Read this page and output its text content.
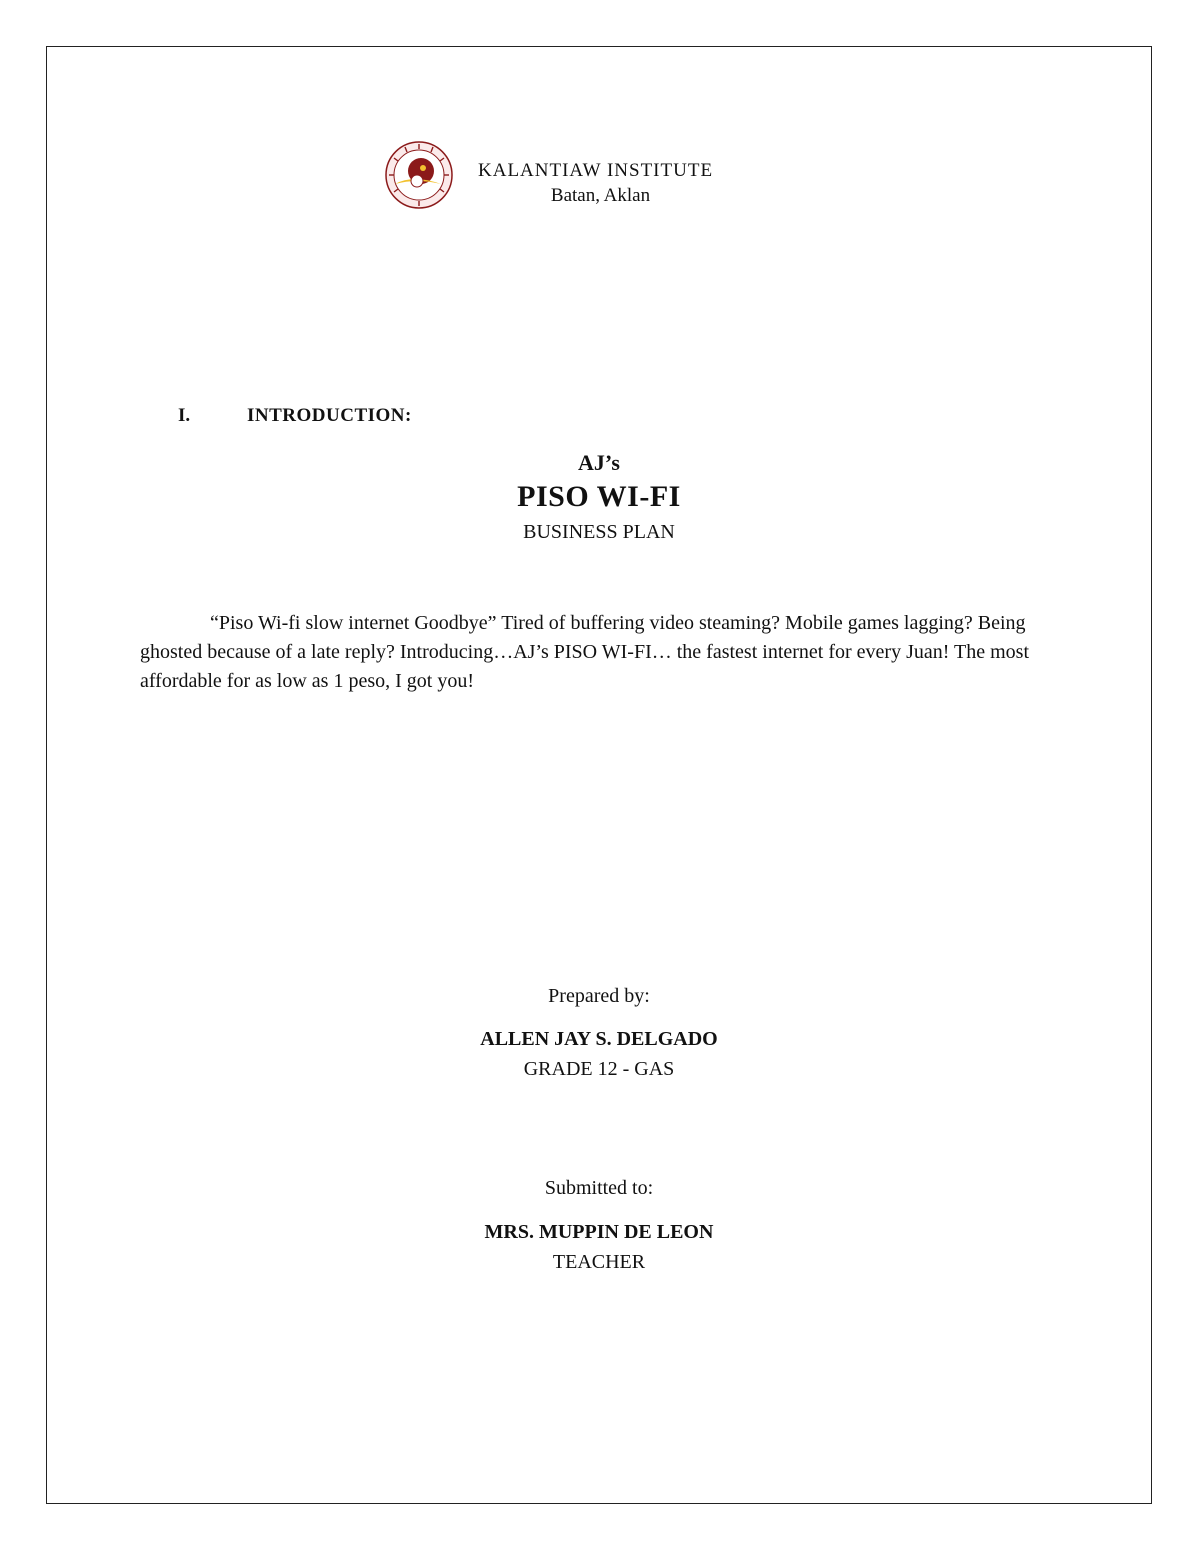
KALANTIAW INSTITUTE
Batan, Aklan
I.	INTRODUCTION:
AJ’s
PISO WI-FI
BUSINESS PLAN

“Piso Wi-fi slow internet Goodbye” Tired of buffering video steaming? Mobile games lagging? Being ghosted because of a late reply? Introducing…AJ’s PISO WI-FI… the fastest internet for every Juan! The most affordable for as low as 1 peso, I got you!

Prepared by:
ALLEN JAY S. DELGADO
GRADE 12 - GAS
Submitted to:
MRS. MUPPIN DE LEON
TEACHER
